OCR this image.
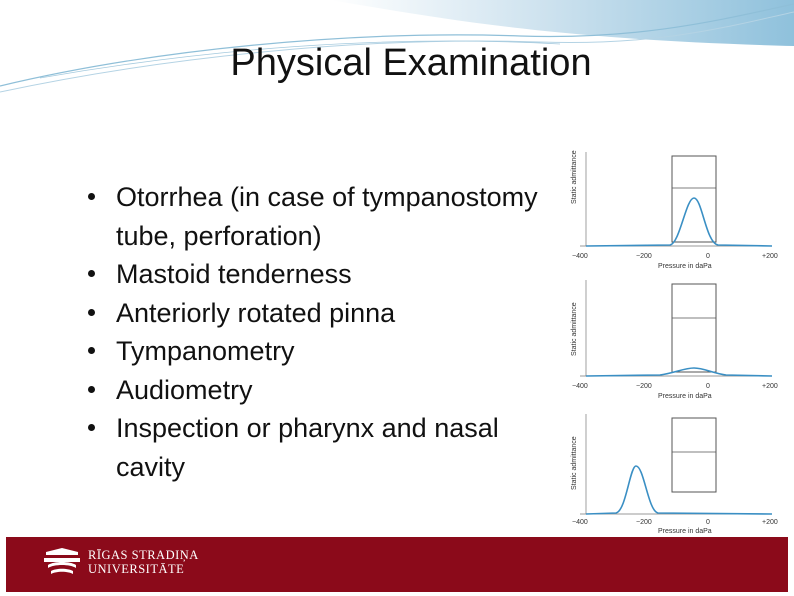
Physical Examination
Otorrhea (in case of tympanostomy tube, perforation)
Mastoid tenderness
Anteriorly rotated pinna
Tympanometry
Audiometry
Inspection or pharynx and nasal cavity
Static admittance
−400	−200	0	+200
Pressure in daPa
Static admittance
−400	−200	0	+200
Pressure in daPa
Static admittance
−400	−200	0	+200
Pressure in daPa
RĪGAS STRADIŅA
UNIVERSITĀTE
